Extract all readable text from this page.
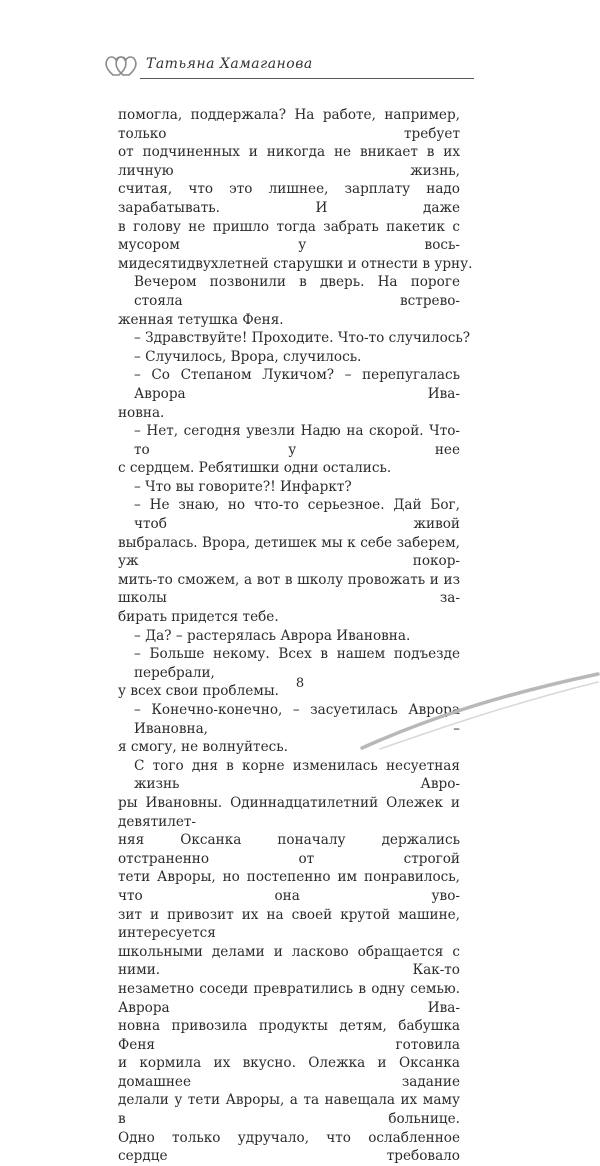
Татьяна Хамаганова
помогла, поддержала? На работе, например, только требует
от подчиненных и никогда не вникает в их личную жизнь,
считая, что это лишнее, зарплату надо зарабатывать. И даже
в голову не пришло тогда забрать пакетик с мусором у вось-
мидесятидвухлетней старушки и отнести в урну.
Вечером позвонили в дверь. На пороге стояла встрево-
женная тетушка Феня.
– Здравствуйте! Проходите. Что-то случилось?
– Случилось, Врора, случилось.
– Со Степаном Лукичом? – перепугалась Аврора Ива-
новна.
– Нет, сегодня увезли Надю на скорой. Что-то у нее
с сердцем. Ребятишки одни остались.
– Что вы говорите?! Инфаркт?
– Не знаю, но что-то серьезное. Дай Бог, чтоб живой
выбралась. Врора, детишек мы к себе заберем, уж покор-
мить-то сможем, а вот в школу провожать и из школы за-
бирать придется тебе.
– Да? – растерялась Аврора Ивановна.
– Больше некому. Всех в нашем подъезде перебрали,
у всех свои проблемы.
– Конечно-конечно, – засуетилась Аврора Ивановна, –
я смогу, не волнуйтесь.
С того дня в корне изменилась несуетная жизнь Авро-
ры Ивановны. Одиннадцатилетний Олежек и девятилет-
няя Оксанка поначалу держались отстраненно от строгой
тети Авроры, но постепенно им понравилось, что она уво-
зит и привозит их на своей крутой машине, интересуется
школьными делами и ласково обращается с ними. Как-то
незаметно соседи превратились в одну семью. Аврора Ива-
новна привозила продукты детям, бабушка Феня готовила
и кормила их вкусно. Олежка и Оксанка домашнее задание
делали у тети Авроры, а та навещала их маму в больнице.
Одно только удручало, что ослабленное сердце требовало
8
